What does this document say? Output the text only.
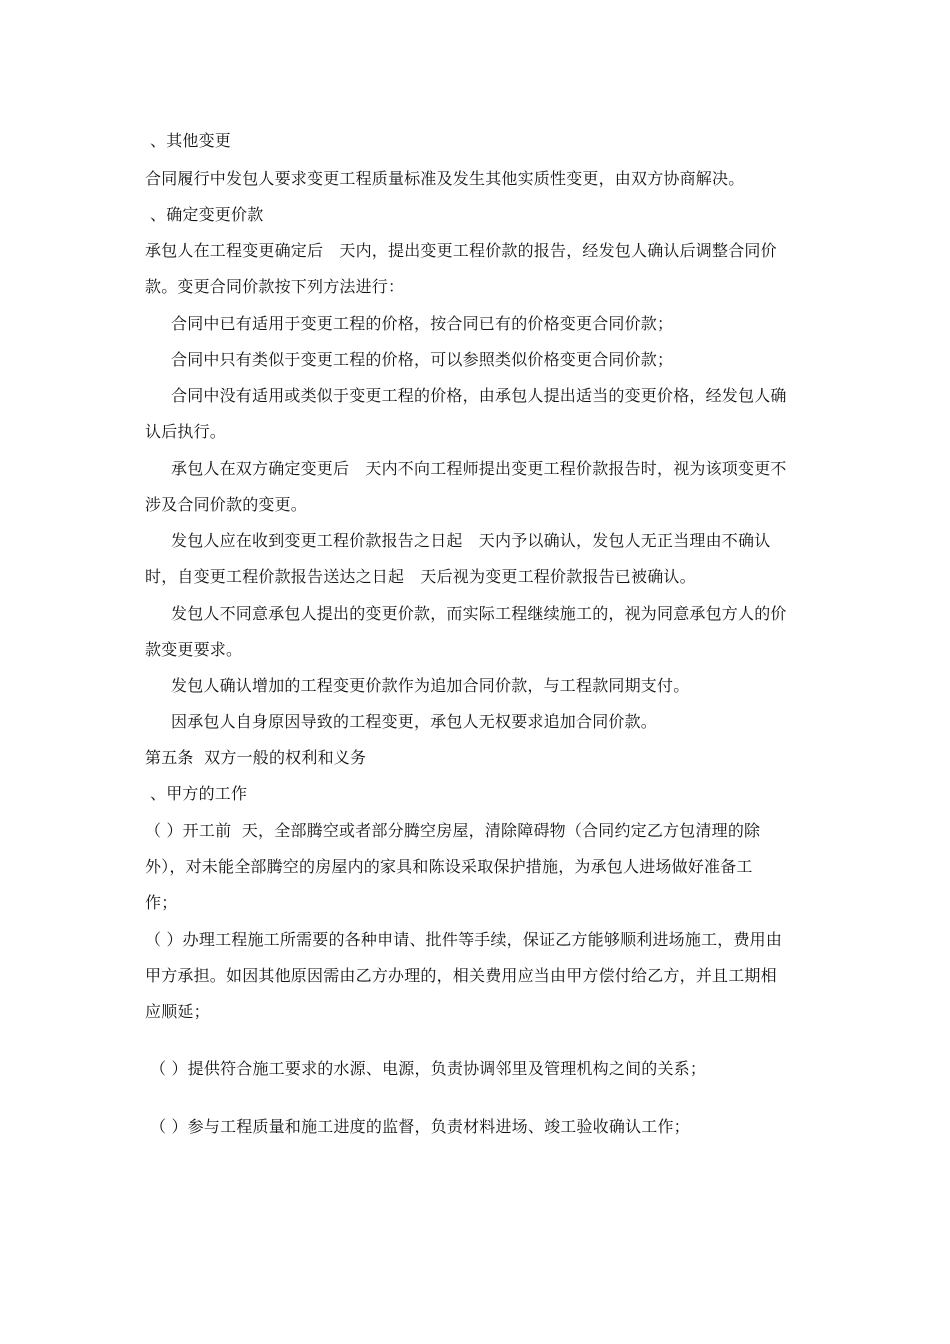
、其他变更
合同履行中发包人要求变更工程质量标准及发生其他实质性变更，由双方协商解决。
、确定变更价款
承包人在工程变更确定后　天内，提出变更工程价款的报告，经发包人确认后调整合同价
款。变更合同价款按下列方法进行：
合同中已有适用于变更工程的价格，按合同已有的价格变更合同价款；
合同中只有类似于变更工程的价格，可以参照类似价格变更合同价款；
合同中没有适用或类似于变更工程的价格，由承包人提出适当的变更价格，经发包人确
认后执行。
承包人在双方确定变更后　天内不向工程师提出变更工程价款报告时，视为该项变更不
涉及合同价款的变更。
发包人应在收到变更工程价款报告之日起　天内予以确认，发包人无正当理由不确认
时，自变更工程价款报告送达之日起　天后视为变更工程价款报告已被确认。
发包人不同意承包人提出的变更价款，而实际工程继续施工的，视为同意承包方人的价
款变更要求。
发包人确认增加的工程变更价款作为追加合同价款，与工程款同期支付。
因承包人自身原因导致的工程变更，承包人无权要求追加合同价款。
第五条  双方一般的权利和义务
、甲方的工作
（ ）开工前  天，全部腾空或者部分腾空房屋，清除障碍物（合同约定乙方包清理的除
外），对未能全部腾空的房屋内的家具和陈设采取保护措施，为承包人进场做好准备工
作；
（ ）办理工程施工所需要的各种申请、批件等手续，保证乙方能够顺利进场施工，费用由
甲方承担。如因其他原因需由乙方办理的，相关费用应当由甲方偿付给乙方，并且工期相
应顺延；
（ ）提供符合施工要求的水源、电源，负责协调邻里及管理机构之间的关系；
（ ）参与工程质量和施工进度的监督，负责材料进场、竣工验收确认工作；
